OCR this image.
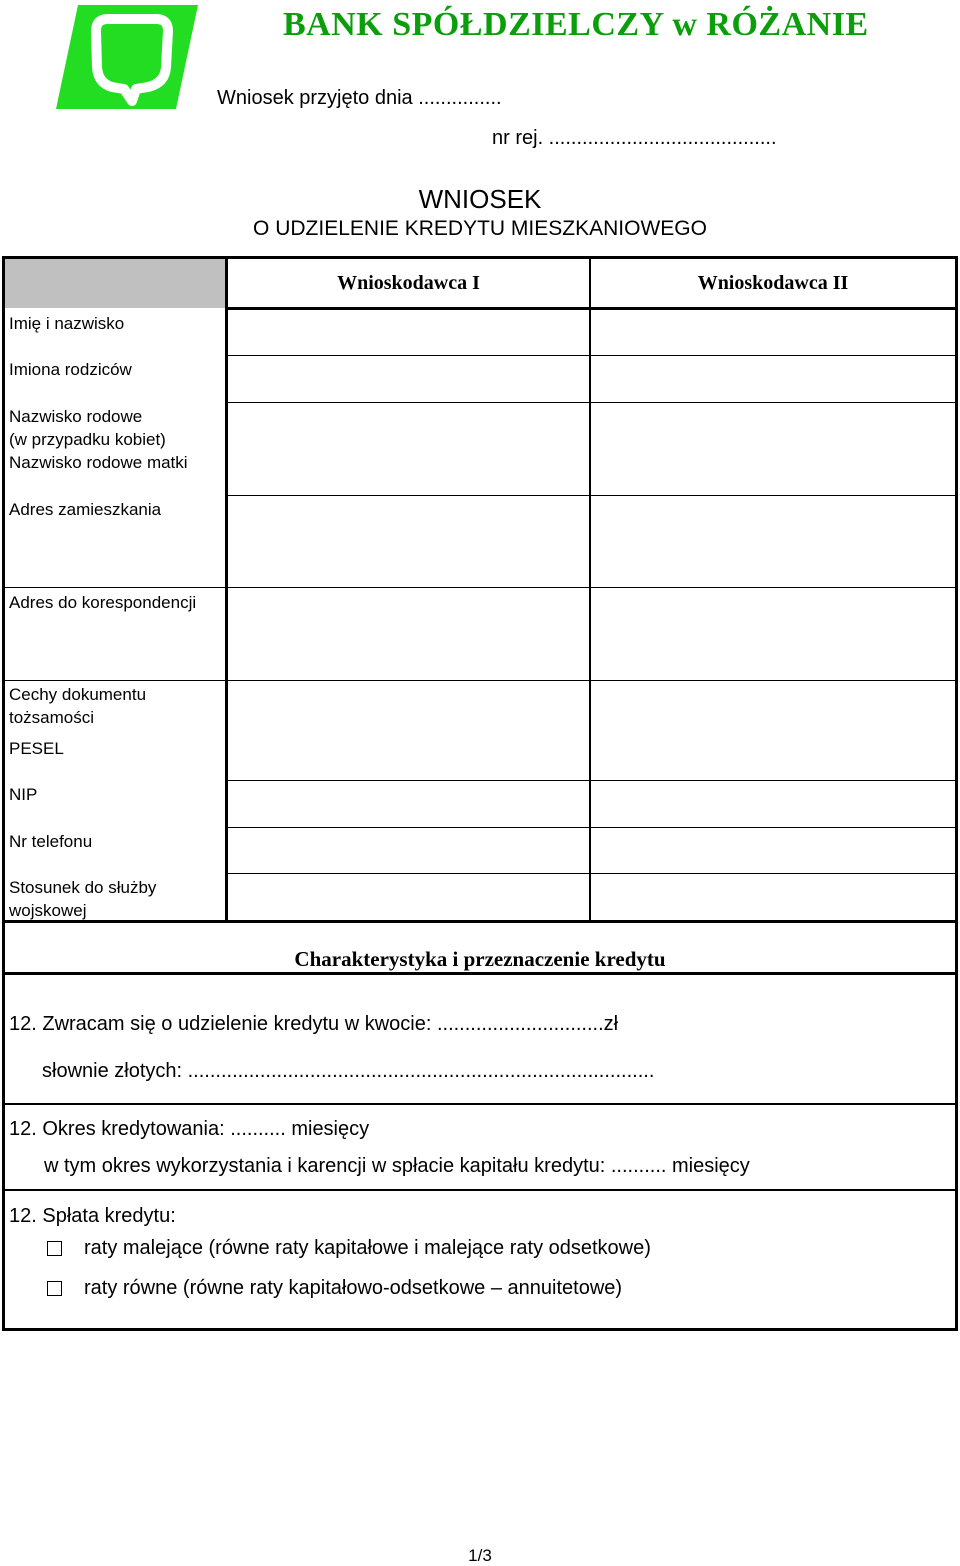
BANK SPÓŁDZIELCZY w RÓŻANIE
Wniosek przyjęto dnia ...............
nr rej. .........................................
WNIOSEK
O UDZIELENIE KREDYTU MIESZKANIOWEGO
Wnioskodawca I	Wnioskodawca II
Imię i nazwisko
Imiona rodziców
Nazwisko rodowe
(w przypadku kobiet)
Nazwisko rodowe matki
Adres zamieszkania
Adres do korespondencji
Cechy dokumentu
tożsamości
PESEL
NIP
Nr telefonu
Stosunek do służby
wojskowej
Charakterystyka i przeznaczenie kredytu
12. Zwracam się o udzielenie kredytu w kwocie: ..............................zł
słownie złotych: ....................................................................................
12. Okres kredytowania: .......... miesięcy
w tym okres wykorzystania i karencji w spłacie kapitału kredytu: .......... miesięcy
12. Spłata kredytu:
raty malejące (równe raty kapitałowe i malejące raty odsetkowe)
raty równe (równe raty kapitałowo-odsetkowe – annuitetowe)
1/3
